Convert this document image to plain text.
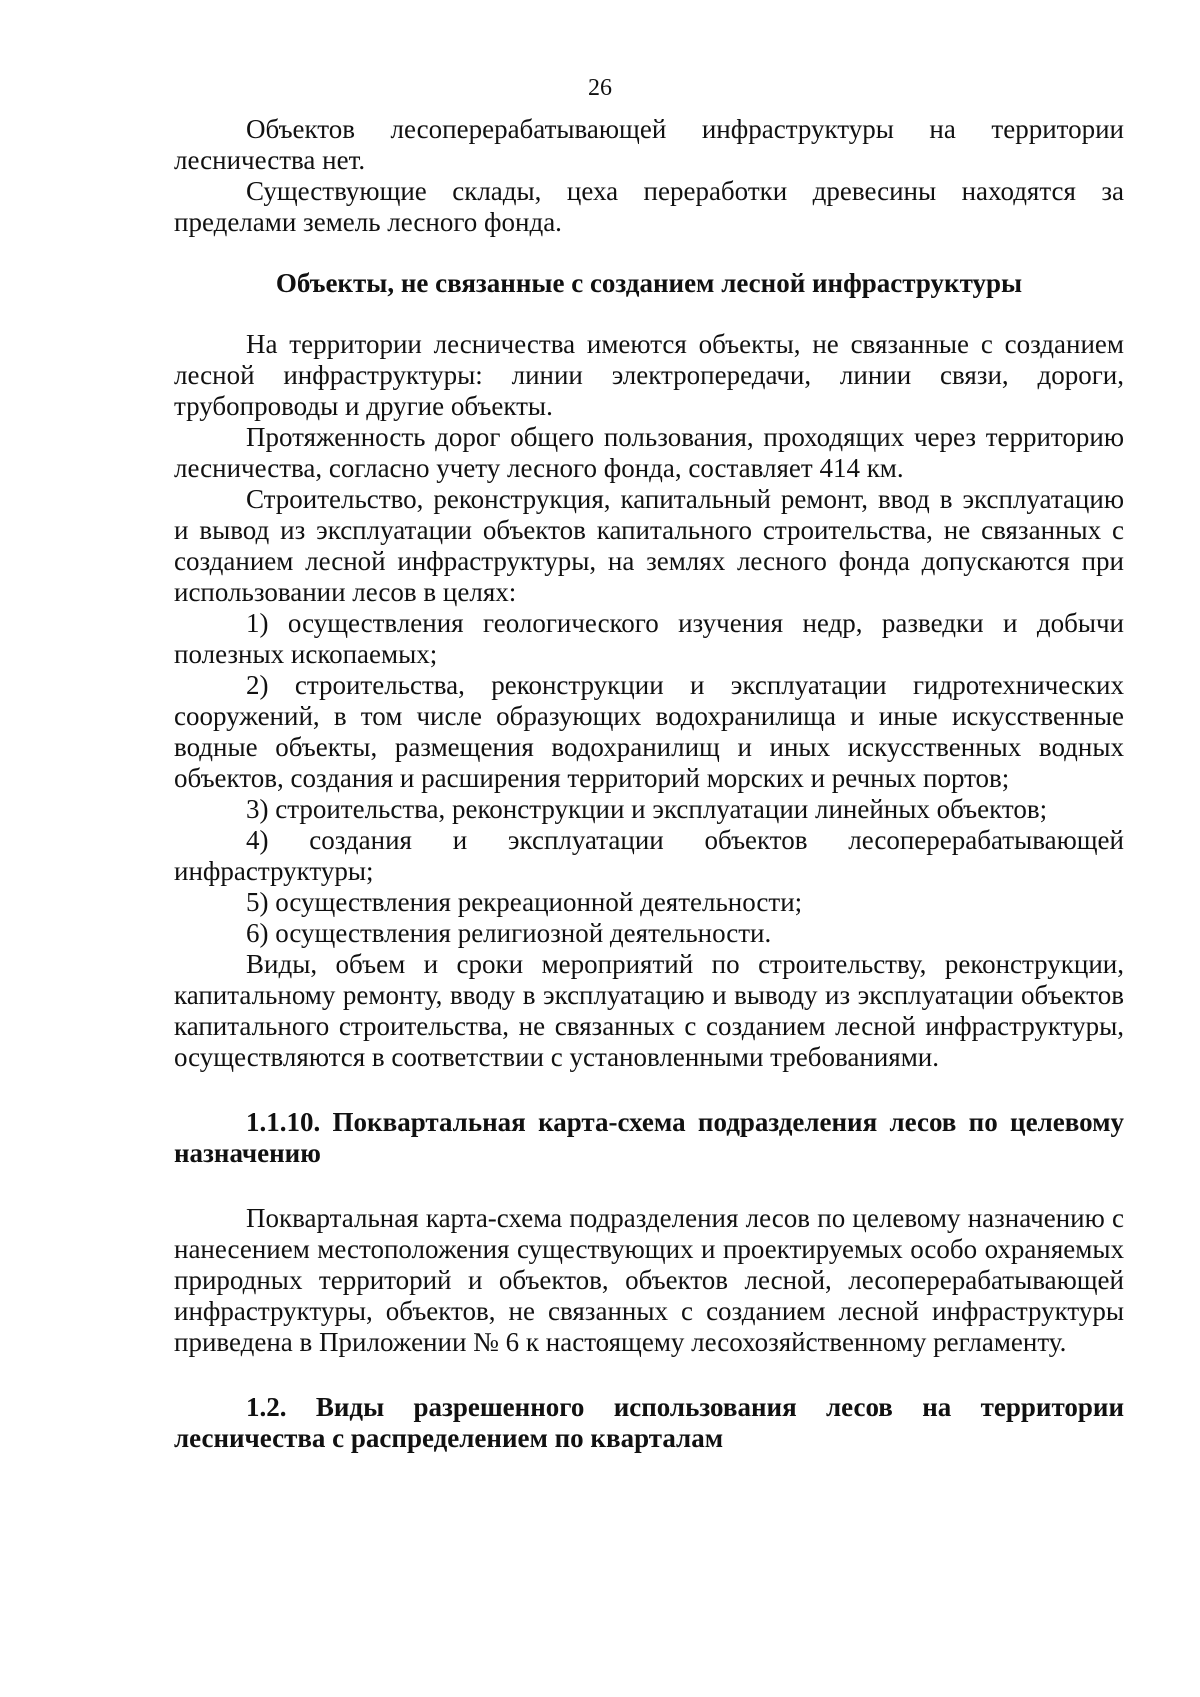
26

Объектов лесоперерабатывающей инфраструктуры на территории лесничества нет.

Существующие склады, цеха переработки древесины находятся за пределами земель лесного фонда.

Объекты, не связанные с созданием лесной инфраструктуры

На территории лесничества имеются объекты, не связанные с созданием лесной инфраструктуры: линии электропередачи, линии связи, дороги, трубопроводы и другие объекты.

Протяженность дорог общего пользования, проходящих через территорию лесничества, согласно учету лесного фонда, составляет 414 км.

Строительство, реконструкция, капитальный ремонт, ввод в эксплуатацию и вывод из эксплуатации объектов капитального строительства, не связанных с созданием лесной инфраструктуры, на землях лесного фонда допускаются при использовании лесов в целях:

1) осуществления геологического изучения недр, разведки и добычи полезных ископаемых;

2) строительства, реконструкции и эксплуатации гидротехнических сооружений, в том числе образующих водохранилища и иные искусственные водные объекты, размещения водохранилищ и иных искусственных водных объектов, создания и расширения территорий морских и речных портов;

3) строительства, реконструкции и эксплуатации линейных объектов;

4) создания и эксплуатации объектов лесоперерабатывающей инфраструктуры;

5) осуществления рекреационной деятельности;

6) осуществления религиозной деятельности.

Виды, объем и сроки мероприятий по строительству, реконструкции, капитальному ремонту, вводу в эксплуатацию и выводу из эксплуатации объектов капитального строительства, не связанных с созданием лесной инфраструктуры, осуществляются в соответствии с установленными требованиями.

1.1.10. Поквартальная карта-схема подразделения лесов по целевому назначению

Поквартальная карта-схема подразделения лесов по целевому назначению с нанесением местоположения существующих и проектируемых особо охраняемых природных территорий и объектов, объектов лесной, лесоперерабатывающей инфраструктуры, объектов, не связанных с созданием лесной инфраструктуры приведена в Приложении № 6 к настоящему лесохозяйственному регламенту.

1.2. Виды разрешенного использования лесов на территории лесничества с распределением по кварталам
